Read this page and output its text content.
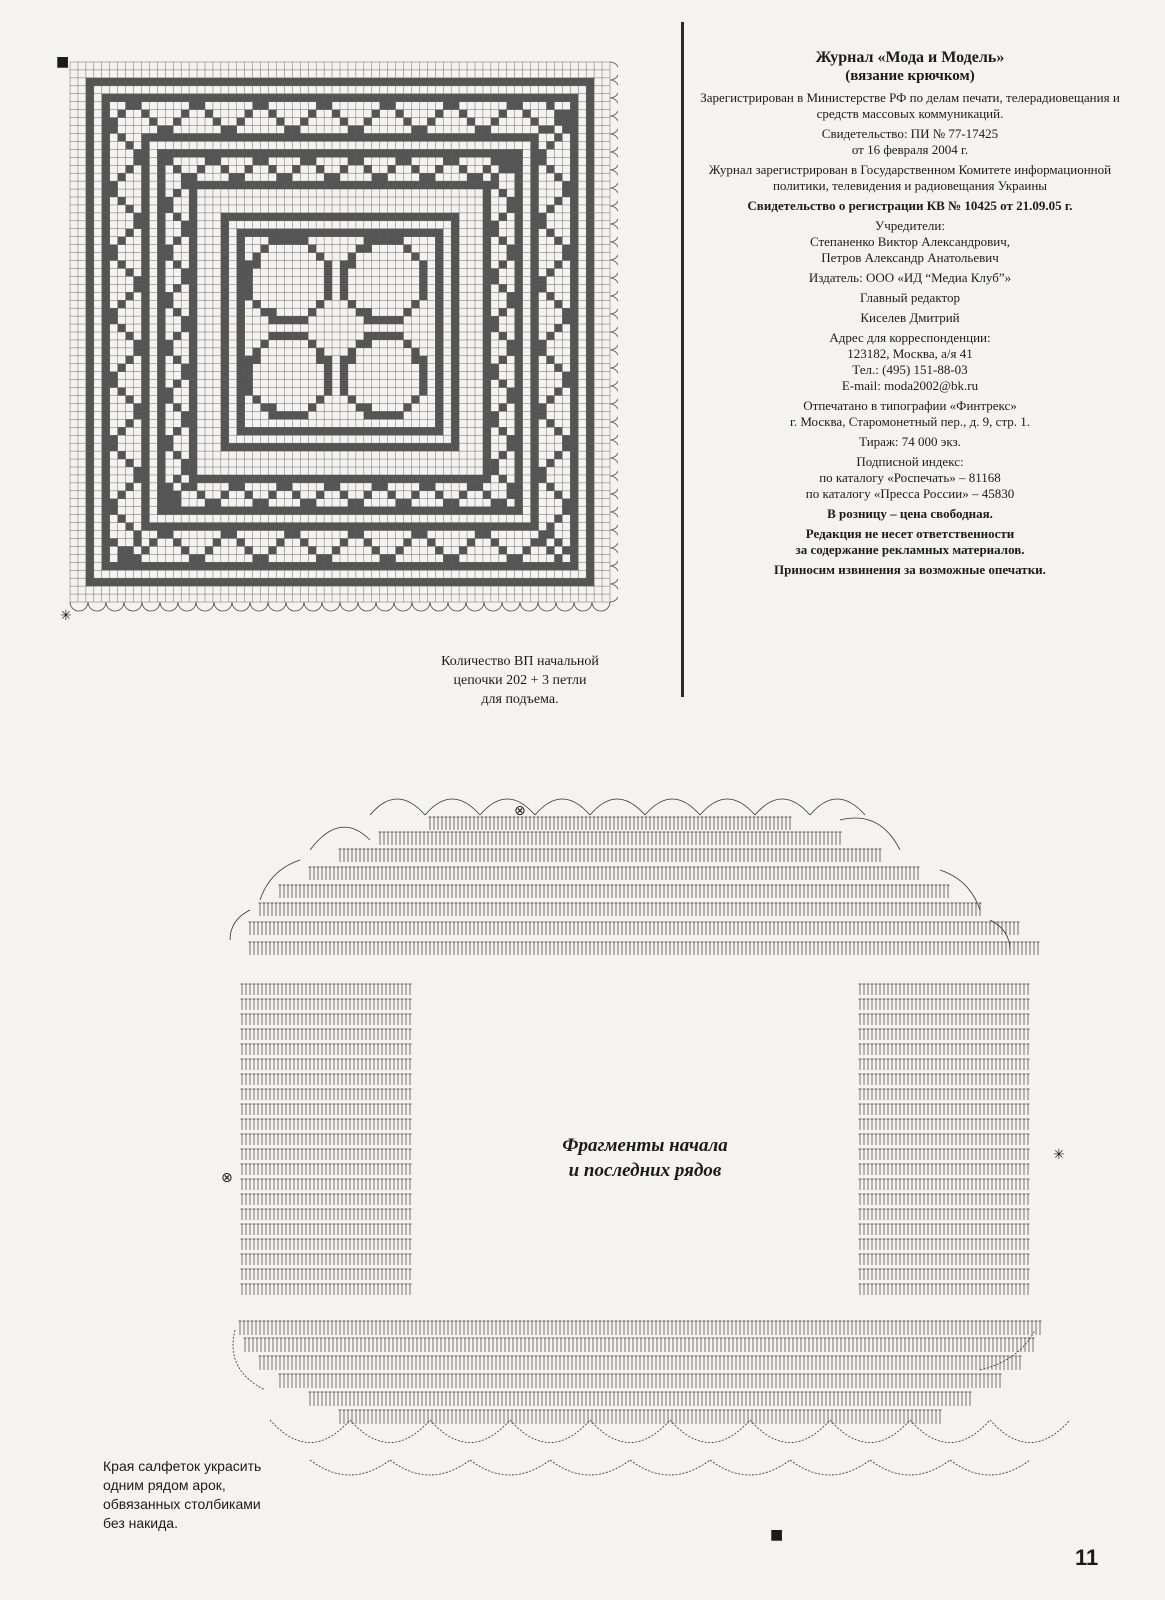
■
✳
Журнал «Мода и Модель»
(вязание крючком)

Зарегистрирован в Министерстве РФ по делам печати, телерадиовещания и средств массовых коммуникаций.

Свидетельство: ПИ № 77-17425
от 16 февраля 2004 г.

Журнал зарегистрирован в Государственном Комитете информационной политики, телевидения и радиовещания Украины

Свидетельство о регистрации КВ № 10425 от 21.09.05 г.

Учредители:
Степаненко Виктор Александрович,
Петров Александр Анатольевич

Издатель: ООО «ИД “Медиа Клуб”»

Главный редактор

Киселев Дмитрий

Адрес для корреспонденции:
123182, Москва, а/я 41
Тел.: (495) 151-88-03
E-mail: moda2002@bk.ru

Отпечатано в типографии «Финтрекс»
г. Москва, Старомонетный пер., д. 9, стр. 1.

Тираж: 74 000 экз.

Подписной индекс:
по каталогу «Роспечать» – 81168
по каталогу «Пресса России» – 45830

В розницу – цена свободная.

Редакция не несет ответственности
за содержание рекламных материалов.

Приносим извинения за возможные опечатки.

Количество ВП начальной
цепочки 202 + 3 петли
для подъема.
⊗
⊗
✳
■
Фрагменты начала
и последних рядов
Края салфеток украсить
одним рядом арок,
обвязанных столбиками
без накида.
11
